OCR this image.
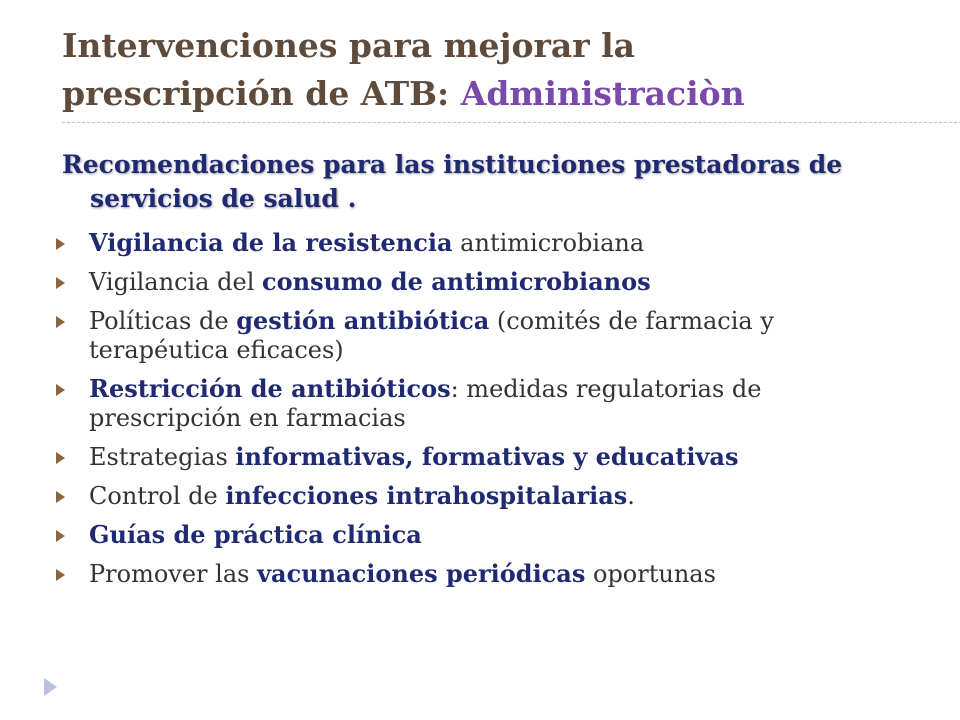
Intervenciones para mejorar la
prescripción de ATB: Administraciòn
Recomendaciones para las instituciones prestadoras de servicios de salud .
Vigilancia de la resistencia antimicrobiana
Vigilancia del consumo de antimicrobianos
Políticas de gestión antibiótica (comités de farmacia y terapéutica eficaces)
Restricción de antibióticos: medidas regulatorias de prescripción en farmacias
Estrategias informativas, formativas y educativas
Control de infecciones intrahospitalarias.
Guías de práctica clínica
Promover las vacunaciones periódicas oportunas
